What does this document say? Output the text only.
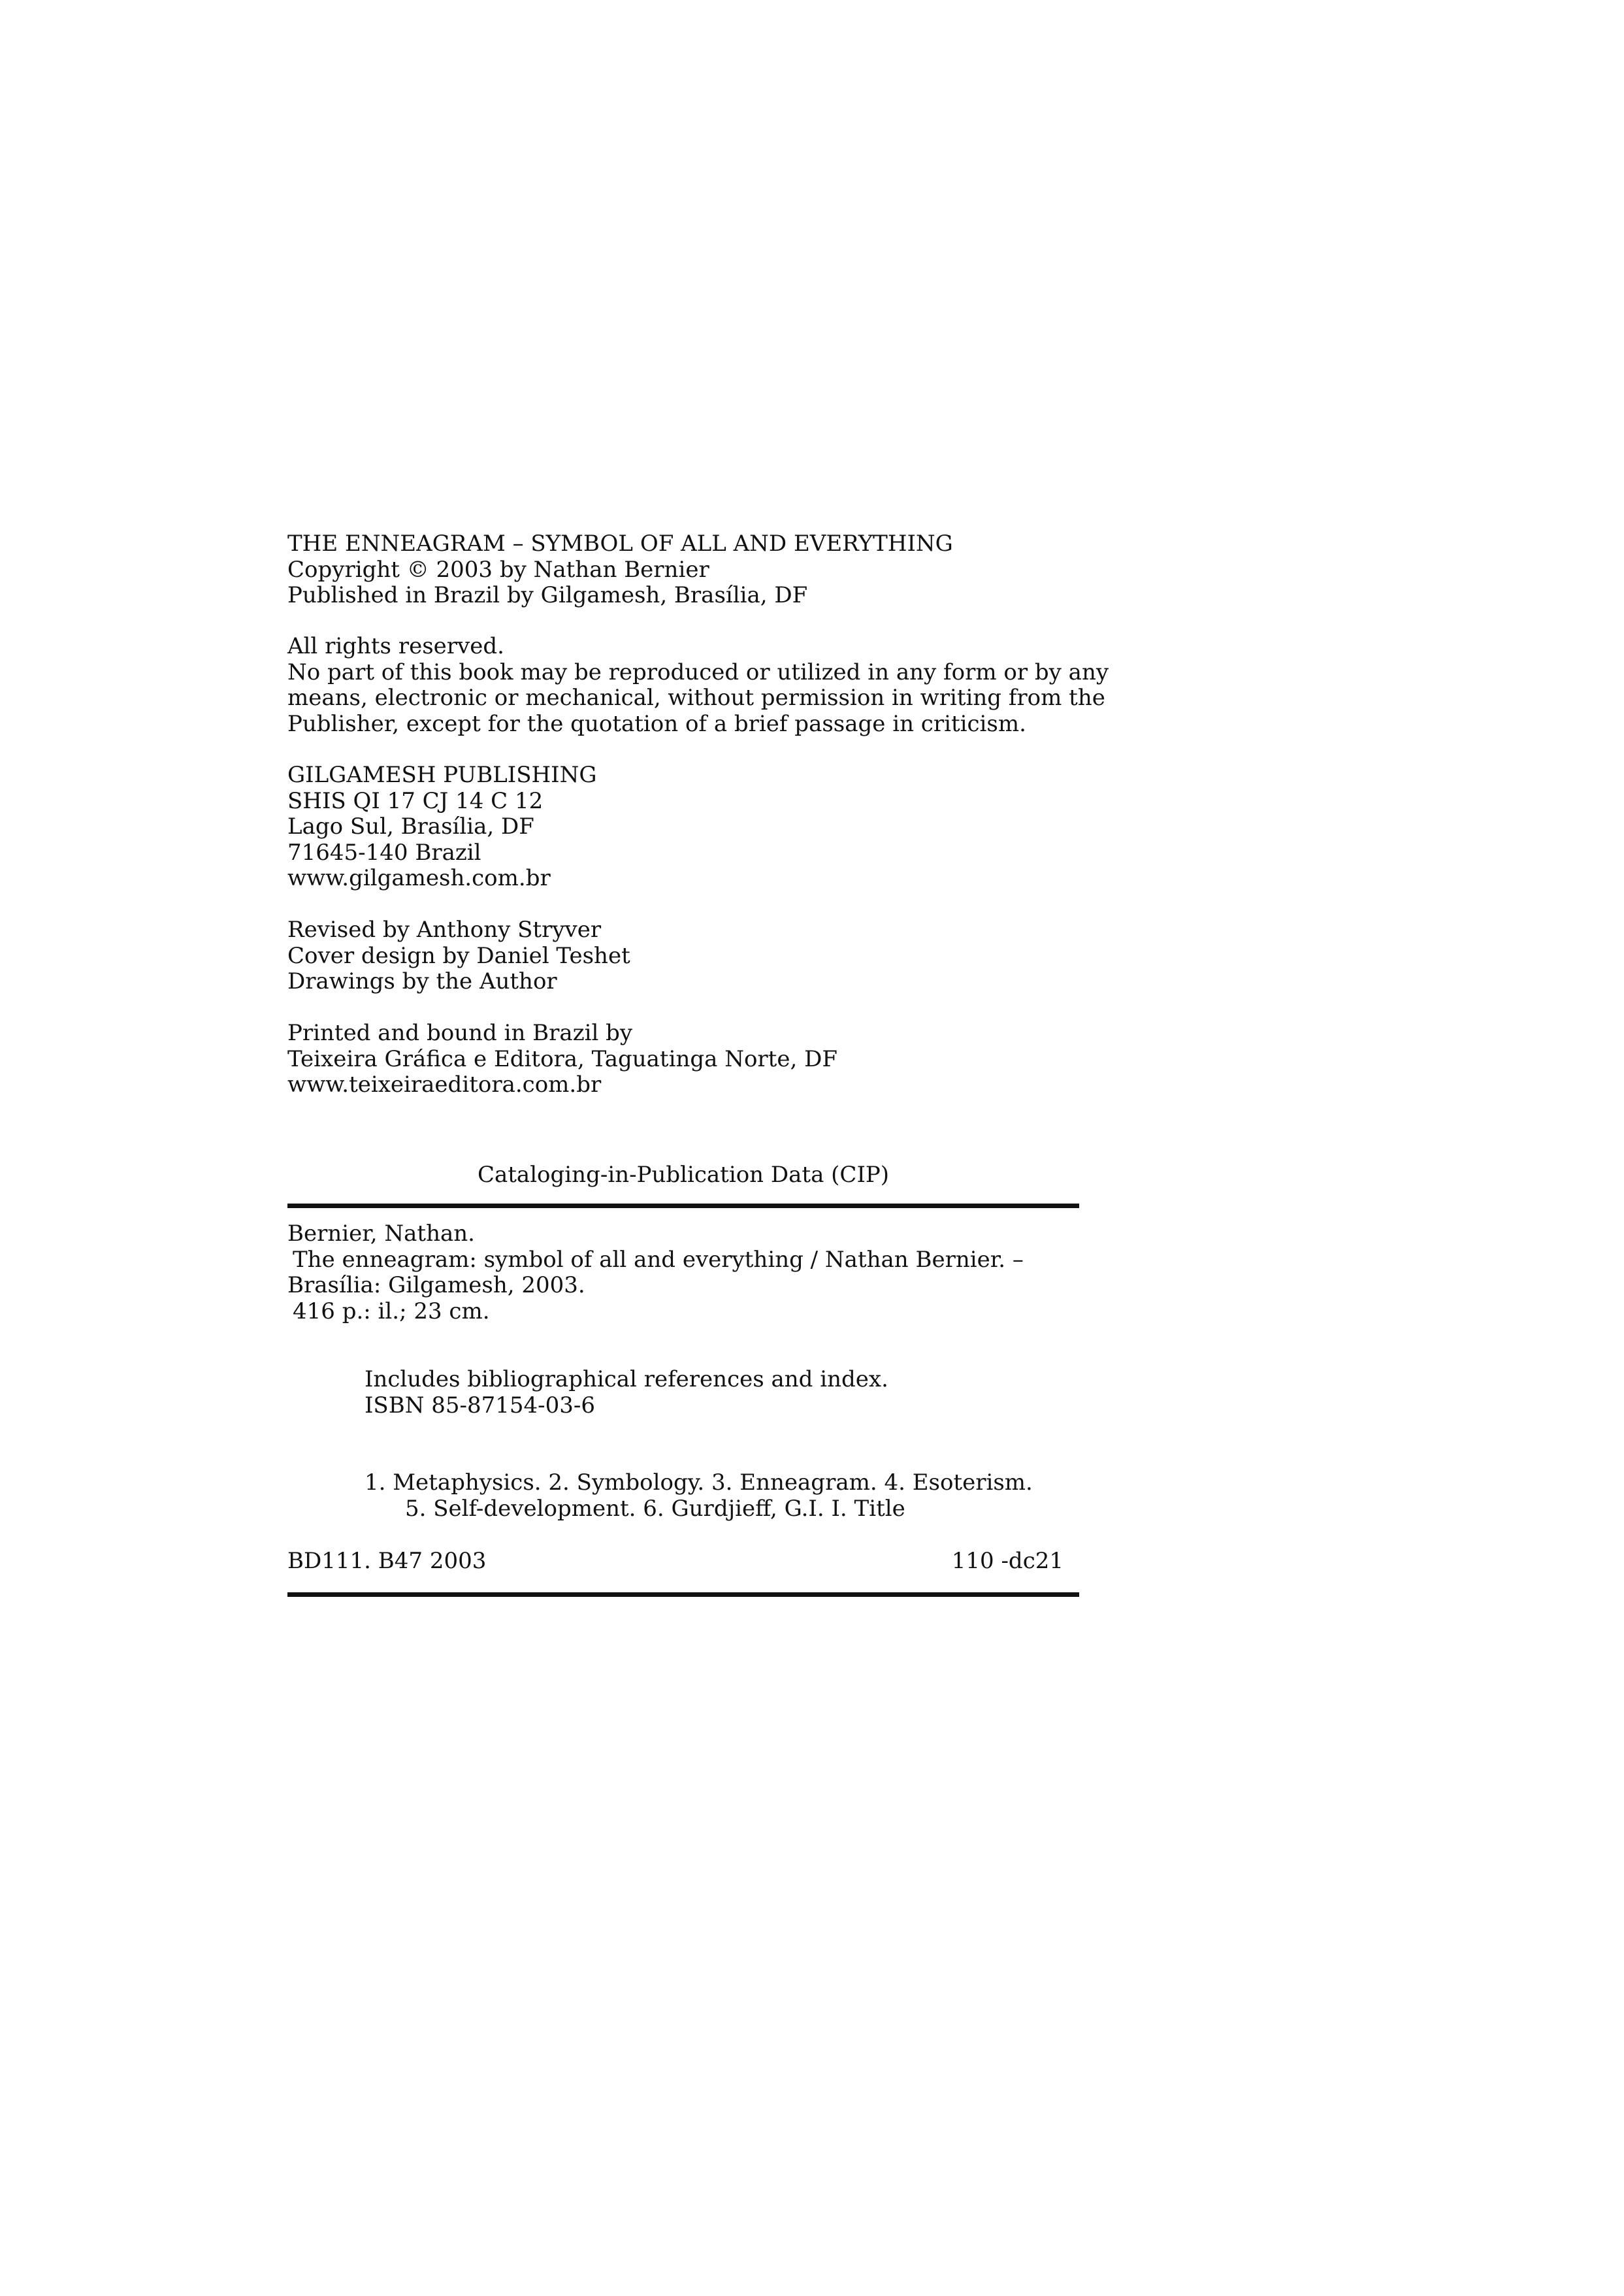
THE ENNEAGRAM – SYMBOL OF ALL AND EVERYTHING
Copyright © 2003 by Nathan Bernier
Published in Brazil by Gilgamesh, Brasília, DF
All rights reserved.
No part of this book may be reproduced or utilized in any form or by any
means, electronic or mechanical, without permission in writing from the
Publisher, except for the quotation of a brief passage in criticism.
GILGAMESH PUBLISHING
SHIS QI 17 CJ 14 C 12
Lago Sul, Brasília, DF
71645-140 Brazil
www.gilgamesh.com.br
Revised by Anthony Stryver
Cover design by Daniel Teshet
Drawings by the Author
Printed and bound in Brazil by
Teixeira Gráfica e Editora, Taguatinga Norte, DF
www.teixeiraeditora.com.br
Cataloging-in-Publication Data (CIP)
Bernier, Nathan.
The enneagram: symbol of all and everything / Nathan Bernier. –
Brasília: Gilgamesh, 2003.
416 p.: il.; 23 cm.
Includes bibliographical references and index.
ISBN 85-87154-03-6
1. Metaphysics. 2. Symbology. 3. Enneagram. 4. Esoterism.
5. Self-development. 6. Gurdjieff, G.I. I. Title
BD111. B47 2003	110 -dc21
